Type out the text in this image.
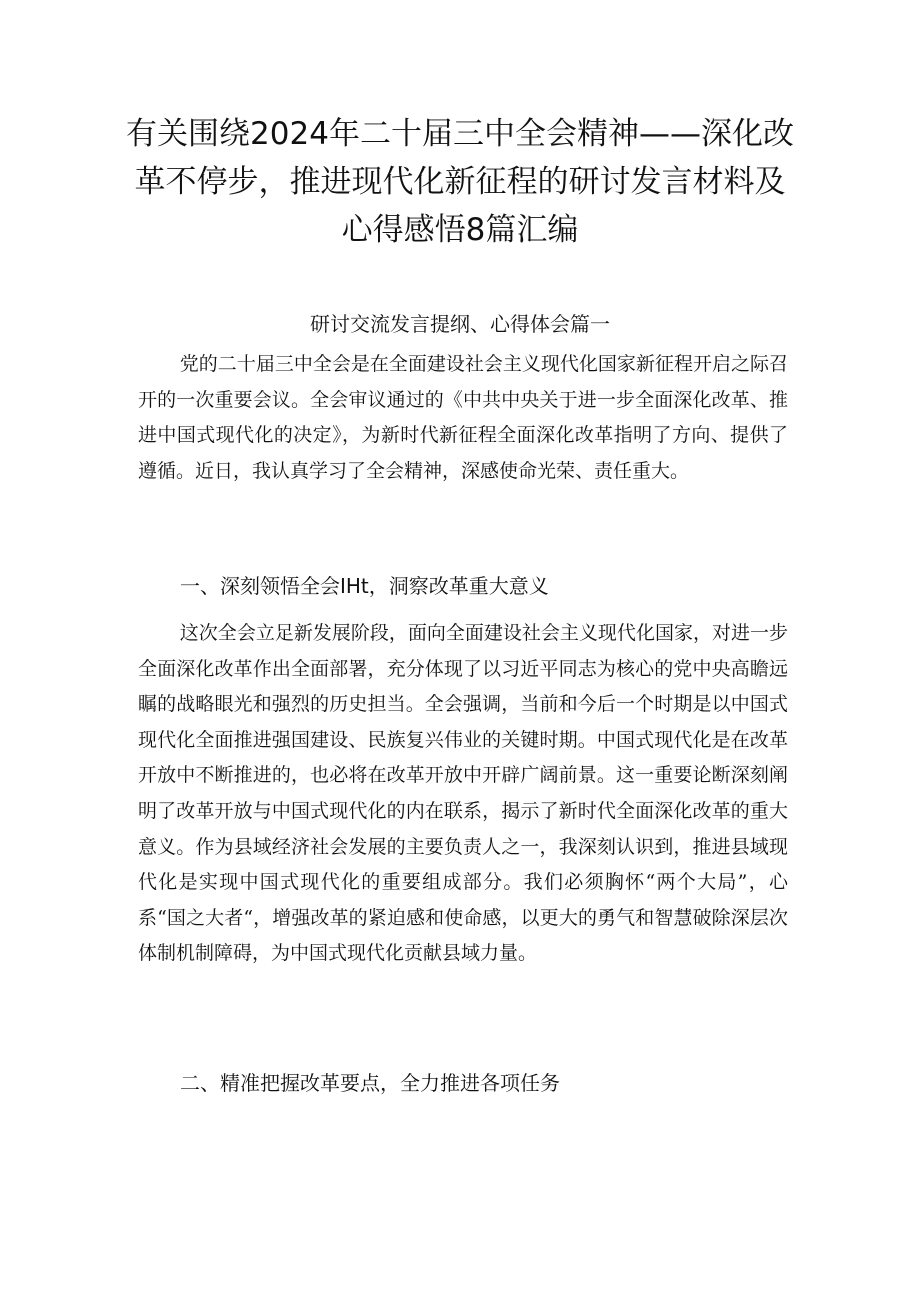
有关围绕2024年二十届三中全会精神——深化改革不停步，推进现代化新征程的研讨发言材料及心得感悟8篇汇编
研讨交流发言提纲、心得体会篇一

党的二十届三中全会是在全面建设社会主义现代化国家新征程开启之际召开的一次重要会议。全会审议通过的《中共中央关于进一步全面深化改革、推进中国式现代化的决定》，为新时代新征程全面深化改革指明了方向、提供了遵循。近日，我认真学习了全会精神，深感使命光荣、责任重大。

一、深刻领悟全会IHt，洞察改革重大意义

这次全会立足新发展阶段，面向全面建设社会主义现代化国家，对进一步全面深化改革作出全面部署，充分体现了以习近平同志为核心的党中央高瞻远瞩的战略眼光和强烈的历史担当。全会强调，当前和今后一个时期是以中国式现代化全面推进强国建设、民族复兴伟业的关键时期。中国式现代化是在改革开放中不断推进的，也必将在改革开放中开辟广阔前景。这一重要论断深刻阐明了改革开放与中国式现代化的内在联系，揭示了新时代全面深化改革的重大意义。作为县域经济社会发展的主要负责人之一，我深刻认识到，推进县域现代化是实现中国式现代化的重要组成部分。我们必须胸怀“两个大局”，心系“国之大者“，增强改革的紧迫感和使命感，以更大的勇气和智慧破除深层次体制机制障碍，为中国式现代化贡献县域力量。

二、精准把握改革要点，全力推进各项任务
